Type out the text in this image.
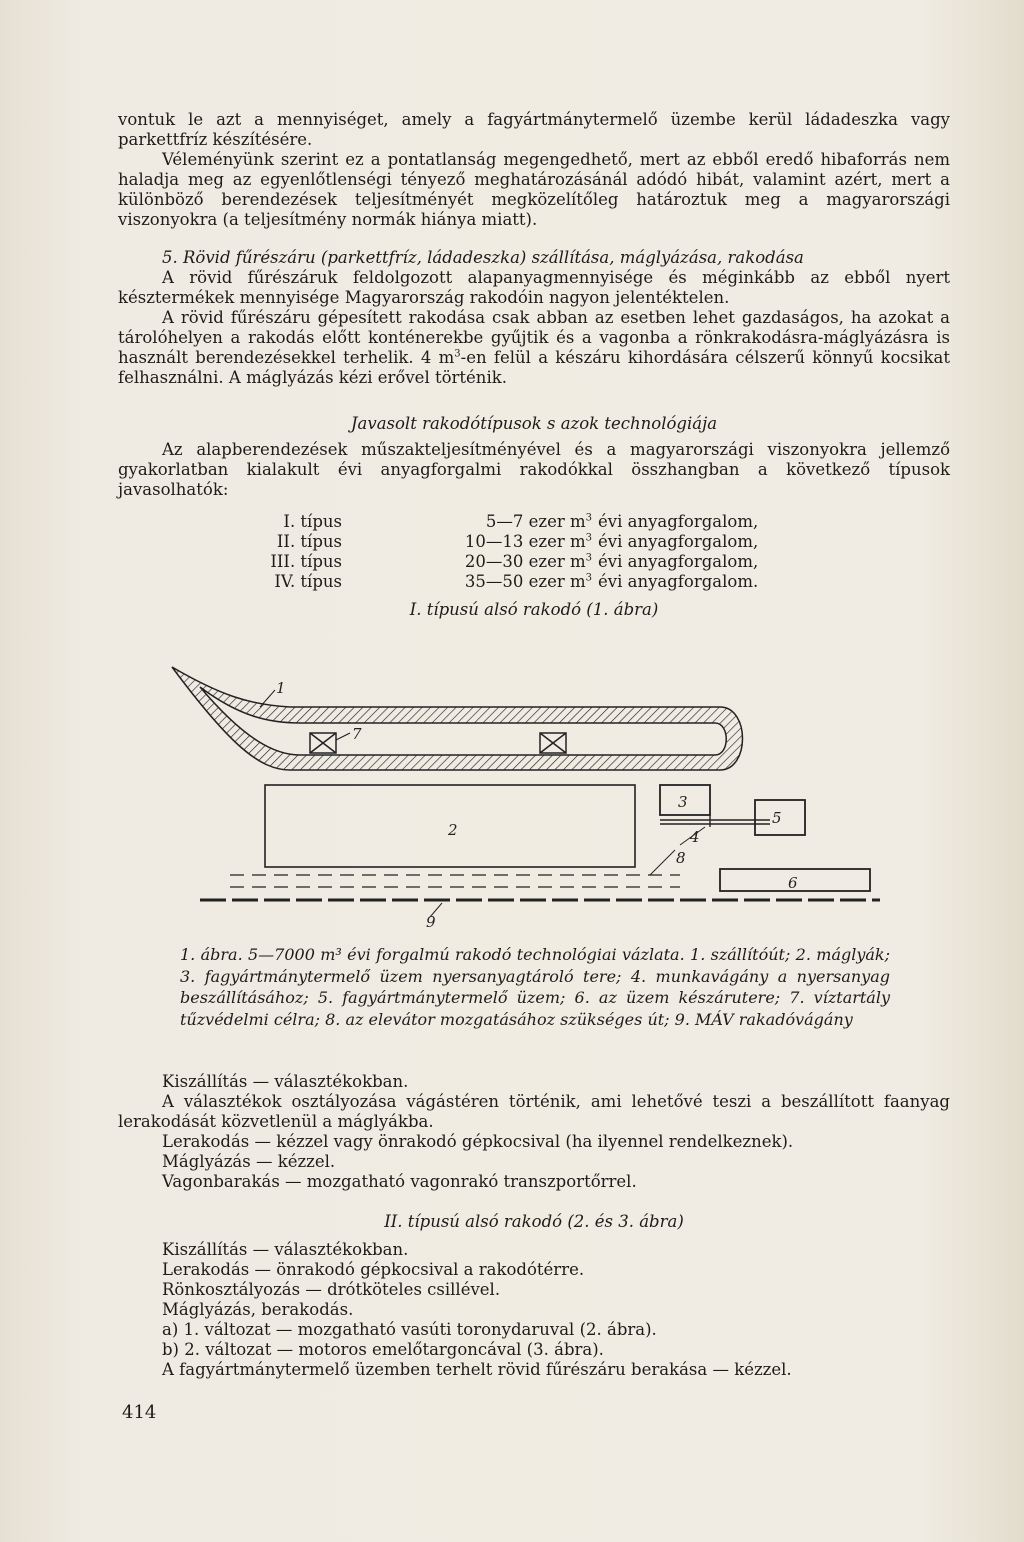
vontuk le azt a mennyiséget, amely a fagyártmánytermelő üzembe kerül ládadeszka vagy parkettfríz készítésére.

Véleményünk szerint ez a pontatlanság megengedhető, mert az ebből eredő hibaforrás nem haladja meg az egyenlőtlenségi tényező meghatározásánál adódó hibát, valamint azért, mert a különböző berendezések teljesítményét megközelítőleg határoztuk meg a magyarországi viszonyokra (a teljesítmény normák hiánya miatt).

5. Rövid fűrészáru (parkettfríz, ládadeszka) szállítása, máglyázása, rakodása

A rövid fűrészáruk feldolgozott alapanyagmennyisége és méginkább az ebből nyert késztermékek mennyisége Magyarország rakodóin nagyon jelentéktelen.

A rövid fűrészáru gépesített rakodása csak abban az esetben lehet gazdaságos, ha azokat a tárolóhelyen a rakodás előtt konténerekbe gyűjtik és a vagonba a rönkrakodásra-máglyázásra is használt berendezésekkel terhelik. 4 $m^3-en$ felül a készáru kihordására célszerű könnyű kocsikat felhasználni. A máglyázás kézi erővel történik.

Javasolt rakodótípusok s azok technológiája

Az alapberendezések műszakteljesítményével és a magyarországi viszonyokra jellemző gyakorlatban kialakult évi anyagforgalmi rakodókkal összhangban a következő típusok javasolhatók:

I. típus	5—7 ezer $m^3$ évi anyagforgalom,
II. típus	10—13 ezer $m^3$ évi anyagforgalom,
III. típus	20—30 ezer $m^3$ évi anyagforgalom,
IV. típus	35—50 ezer $m^3$ évi anyagforgalom.

I. típusú alsó rakodó (1. ábra)

1
2
3
4
5
6
7
8
9

1. ábra. 5—7000 m³ évi forgalmú rakodó technológiai vázlata. 1. szállítóút; 2. máglyák; 3. fagyártmánytermelő üzem nyersanyagtároló tere; 4. munkavágány a nyersanyag beszállításához; 5. fagyártmánytermelő üzem; 6. az üzem készárutere; 7. víztartály tűzvédelmi célra; 8. az elevátor mozgatásához szükséges út; 9. MÁV rakadóvágány

Kiszállítás — választékokban.

A választékok osztályozása vágástéren történik, ami lehetővé teszi a beszállított faanyag lerakodását közvetlenül a máglyákba.

Lerakodás — kézzel vagy önrakodó gépkocsival (ha ilyennel rendelkeznek).

Máglyázás — kézzel.

Vagonbarakás — mozgatható vagonrakó transzportőrrel.

II. típusú alsó rakodó (2. és 3. ábra)

Kiszállítás — választékokban.

Lerakodás — önrakodó gépkocsival a rakodótérre.

Rönkosztályozás — drótköteles csillével.

Máglyázás, berakodás.

a) 1. változat — mozgatható vasúti toronydaruval (2. ábra).

b) 2. változat — motoros emelőtargoncával (3. ábra).

A fagyártmánytermelő üzemben terhelt rövid fűrészáru berakása — kézzel.

414
